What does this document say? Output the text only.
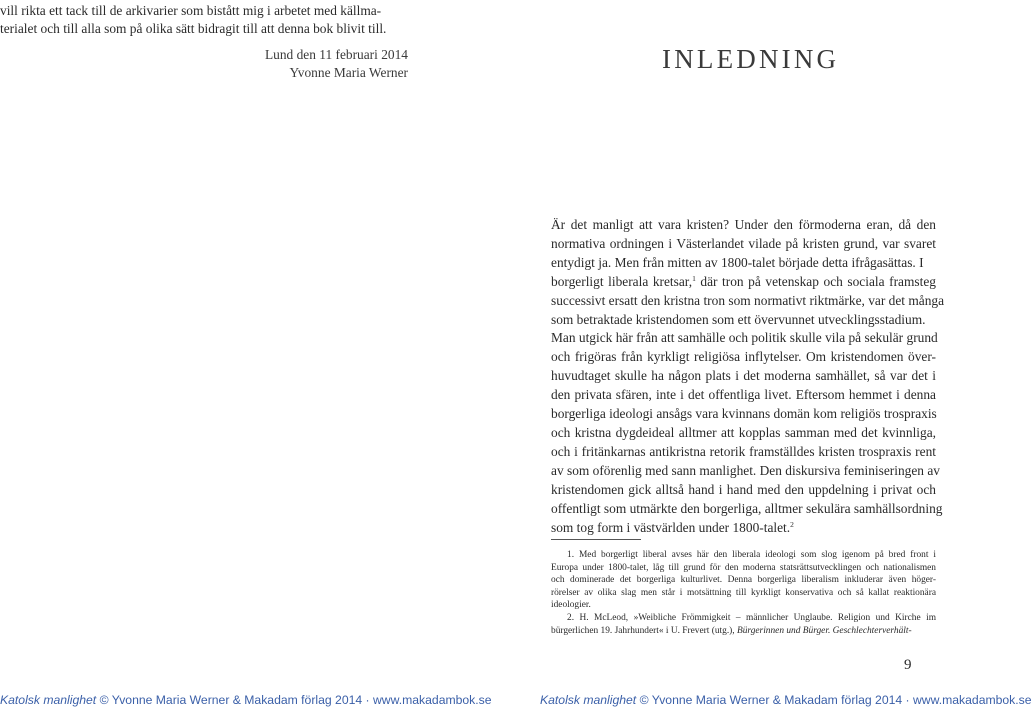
vill rikta ett tack till de arkivarier som bistått mig i arbetet med källma-
terialet och till alla som på olika sätt bidragit till att denna bok blivit till.
Lund den 11 februari 2014
Yvonne Maria Werner
Katolsk manlighet © Yvonne Maria Werner & Makadam förlag 2014 · www.makadambok.se
INLEDNING
Är det manligt att vara kristen? Under den förmoderna eran, då den
normativa ordningen i Västerlandet vilade på kristen grund, var svaret
entydigt ja. Men från mitten av 1800-talet började detta ifrågasättas. I
borgerligt liberala kretsar,$^1$ där tron på vetenskap och sociala framsteg
successivt ersatt den kristna tron som normativt riktmärke, var det många
som betraktade kristendomen som ett övervunnet utvecklingsstadium.
Man utgick här från att samhälle och politik skulle vila på sekulär grund
och frigöras från kyrkligt religiösa inflytelser. Om kristendomen över-
huvudtaget skulle ha någon plats i det moderna samhället, så var det i
den privata sfären, inte i det offentliga livet. Eftersom hemmet i denna
borgerliga ideologi ansågs vara kvinnans domän kom religiös trospraxis
och kristna dygdeideal alltmer att kopplas samman med det kvinnliga,
och i fritänkarnas antikristna retorik framställdes kristen trospraxis rent
av som oförenlig med sann manlighet. Den diskursiva feminiseringen av
kristendomen gick alltså hand i hand med den uppdelning i privat och
offentligt som utmärkte den borgerliga, alltmer sekulära samhällsordning
som tog form i västvärlden under 1800-talet.$^2$
1. Med borgerligt liberal avses här den liberala ideologi som slog igenom på bred front i
Europa under 1800-talet, låg till grund för den moderna statsrättsutvecklingen och nationalismen
och dominerade det borgerliga kulturlivet. Denna borgerliga liberalism inkluderar även höger-
rörelser av olika slag men står i motsättning till kyrkligt konservativa och så kallat reaktionära
ideologier.
2. H. McLeod, »Weibliche Frömmigkeit – männlicher Unglaube. Religion und Kirche im
bürgerlichen 19. Jahrhundert« i U. Frevert (utg.), Bürgerinnen und Bürger. Geschlechterverhält-
9
Katolsk manlighet © Yvonne Maria Werner & Makadam förlag 2014 · www.makadambok.se
